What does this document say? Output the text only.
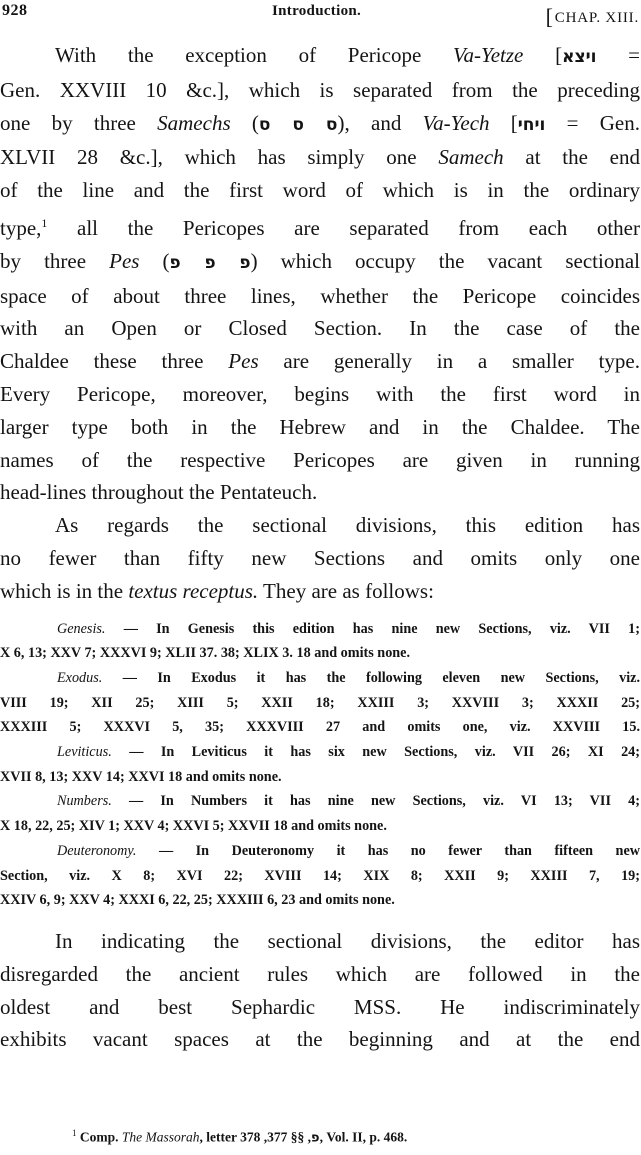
928	Introduction.	[CHAP. XIII.

With the exception of Pericope Va-Yetze [ויצא =

Gen. XXVIII 10 &c.], which is separated from the preceding

one by three Samechs (ס ס ס), and Va-Yech [ויחי = Gen.

XLVII 28 &c.], which has simply one Samech at the end

of the line and the first word of which is in the ordinary

type,$^1$ all the Pericopes are separated from each other

by three Pes (פ פ פ) which occupy the vacant sectional

space of about three lines, whether the Pericope coincides

with an Open or Closed Section. In the case of the

Chaldee these three Pes are generally in a smaller type.

Every Pericope, moreover, begins with the first word in

larger type both in the Hebrew and in the Chaldee. The

names of the respective Pericopes are given in running

head-lines throughout the Pentateuch.

As regards the sectional divisions, this edition has

no fewer than fifty new Sections and omits only one

which is in the textus receptus. They are as follows:

Genesis. — In Genesis this edition has nine new Sections, viz. VII 1;

X 6, 13; XXV 7; XXXVI 9; XLII 37. 38; XLIX 3. 18 and omits none.

Exodus. — In Exodus it has the following eleven new Sections, viz.

VIII 19; XII 25; XIII 5; XXII 18; XXIII 3; XXVIII 3; XXXII 25;

XXXIII 5; XXXVI 5, 35; XXXVIII 27 and omits one, viz. XXVIII 15.

Leviticus. — In Leviticus it has six new Sections, viz. VII 26; XI 24;

XVII 8, 13; XXV 14; XXVI 18 and omits none.

Numbers. — In Numbers it has nine new Sections, viz. VI 13; VII 4;

X 18, 22, 25; XIV 1; XXV 4; XXVI 5; XXVII 18 and omits none.

Deuteronomy. — In Deuteronomy it has no fewer than fifteen new

Section, viz. X 8; XVI 22; XVIII 14; XIX 8; XXII 9; XXIII 7, 19;

XXIV 6, 9; XXV 4; XXXI 6, 22, 25; XXXIII 6, 23 and omits none.

In indicating the sectional divisions, the editor has

disregarded the ancient rules which are followed in the

oldest and best Sephardic MSS. He indiscriminately

exhibits vacant spaces at the beginning and at the end

$^1$ Comp. The Massorah, letter	פ, §§ 377, 378, Vol. II, p. 468.
